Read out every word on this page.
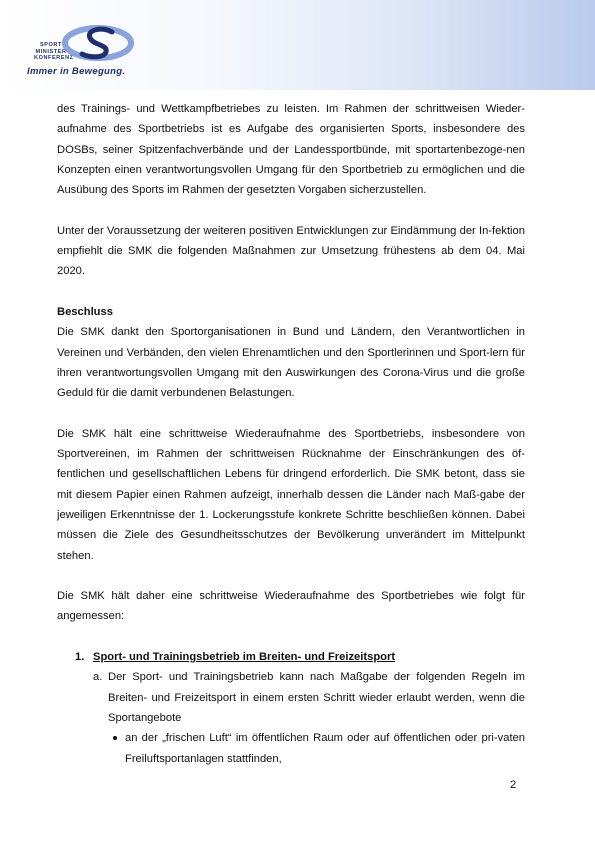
SPORT
MINISTER
KONFERENZ
Immer in Bewegung.

des Trainings- und Wettkampfbetriebes zu leisten. Im Rahmen der schrittweisen Wieder-aufnahme des Sportbetriebs ist es Aufgabe des organisierten Sports, insbesondere des DOSBs, seiner Spitzenfachverbände und der Landessportbünde, mit sportartenbezoge-nen Konzepten einen verantwortungsvollen Umgang für den Sportbetrieb zu ermöglichen und die Ausübung des Sports im Rahmen der gesetzten Vorgaben sicherzustellen.

Unter der Voraussetzung der weiteren positiven Entwicklungen zur Eindämmung der In-fektion empfiehlt die SMK die folgenden Maßnahmen zur Umsetzung frühestens ab dem 04. Mai 2020.

Beschluss

Die SMK dankt den Sportorganisationen in Bund und Ländern, den Verantwortlichen in Vereinen und Verbänden, den vielen Ehrenamtlichen und den Sportlerinnen und Sport-lern für ihren verantwortungsvollen Umgang mit den Auswirkungen des Corona-Virus und die große Geduld für die damit verbundenen Belastungen.

Die SMK hält eine schrittweise Wiederaufnahme des Sportbetriebs, insbesondere von Sportvereinen, im Rahmen der schrittweisen Rücknahme der Einschränkungen des öf-fentlichen und gesellschaftlichen Lebens für dringend erforderlich. Die SMK betont, dass sie mit diesem Papier einen Rahmen aufzeigt, innerhalb dessen die Länder nach Maß-gabe der jeweiligen Erkenntnisse der 1. Lockerungsstufe konkrete Schritte beschließen können. Dabei müssen die Ziele des Gesundheitsschutzes der Bevölkerung unverändert im Mittelpunkt stehen.

Die SMK hält daher eine schrittweise Wiederaufnahme des Sportbetriebes wie folgt für angemessen:

1. Sport- und Trainingsbetrieb im Breiten- und Freizeitsport
a. Der Sport- und Trainingsbetrieb kann nach Maßgabe der folgenden Regeln im Breiten- und Freizeitsport in einem ersten Schritt wieder erlaubt werden, wenn die Sportangebote
an der „frischen Luft“ im öffentlichen Raum oder auf öffentlichen oder pri-vaten Freiluftsportanlagen stattfinden,
2
